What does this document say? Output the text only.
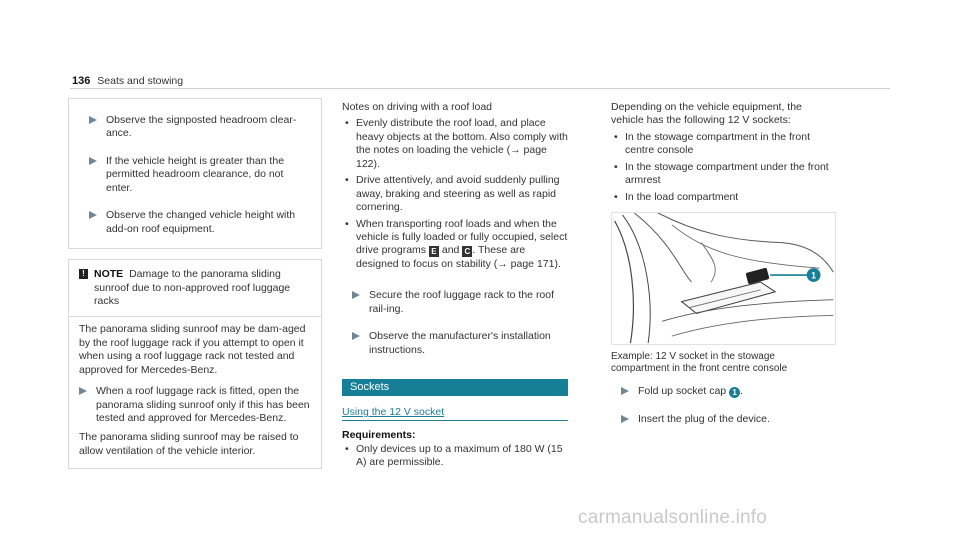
136 Seats and stowing
Observe the signposted headroom clear-ance.
If the vehicle height is greater than the permitted headroom clearance, do not enter.
Observe the changed vehicle height with add-on roof equipment.
! NOTE Damage to the panorama sliding sunroof due to non-approved roof luggage racks

The panorama sliding sunroof may be dam-aged by the roof luggage rack if you attempt to open it when using a roof luggage rack not tested and approved for Mercedes-Benz.

When a roof luggage rack is fitted, open the panorama sliding sunroof only if this has been tested and approved for Mercedes-Benz.

The panorama sliding sunroof may be raised to allow ventilation of the vehicle interior.

Notes on driving with a roof load
• Evenly distribute the roof load, and place heavy objects at the bottom. Also comply with the notes on loading the vehicle (→ page 122).
• Drive attentively, and avoid suddenly pulling away, braking and steering as well as rapid cornering.
• When transporting roof loads and when the vehicle is fully loaded or fully occupied, select drive programs E and C . These are designed to focus on stability (→ page 171).
Secure the roof luggage rack to the roof rail-ing.
Observe the manufacturer's installation instructions.
Sockets
Using the 12 V socket
Requirements:
• Only devices up to a maximum of 180 W (15 A) are permissible.
Depending on the vehicle equipment, the vehicle has the following 12 V sockets:
• In the stowage compartment in the front centre console
• In the stowage compartment under the front armrest
• In the load compartment
1
Example: 12 V socket in the stowage compartment in the front centre console
Fold up socket cap 1 .
Insert the plug of the device.
carmanualsonline.info
